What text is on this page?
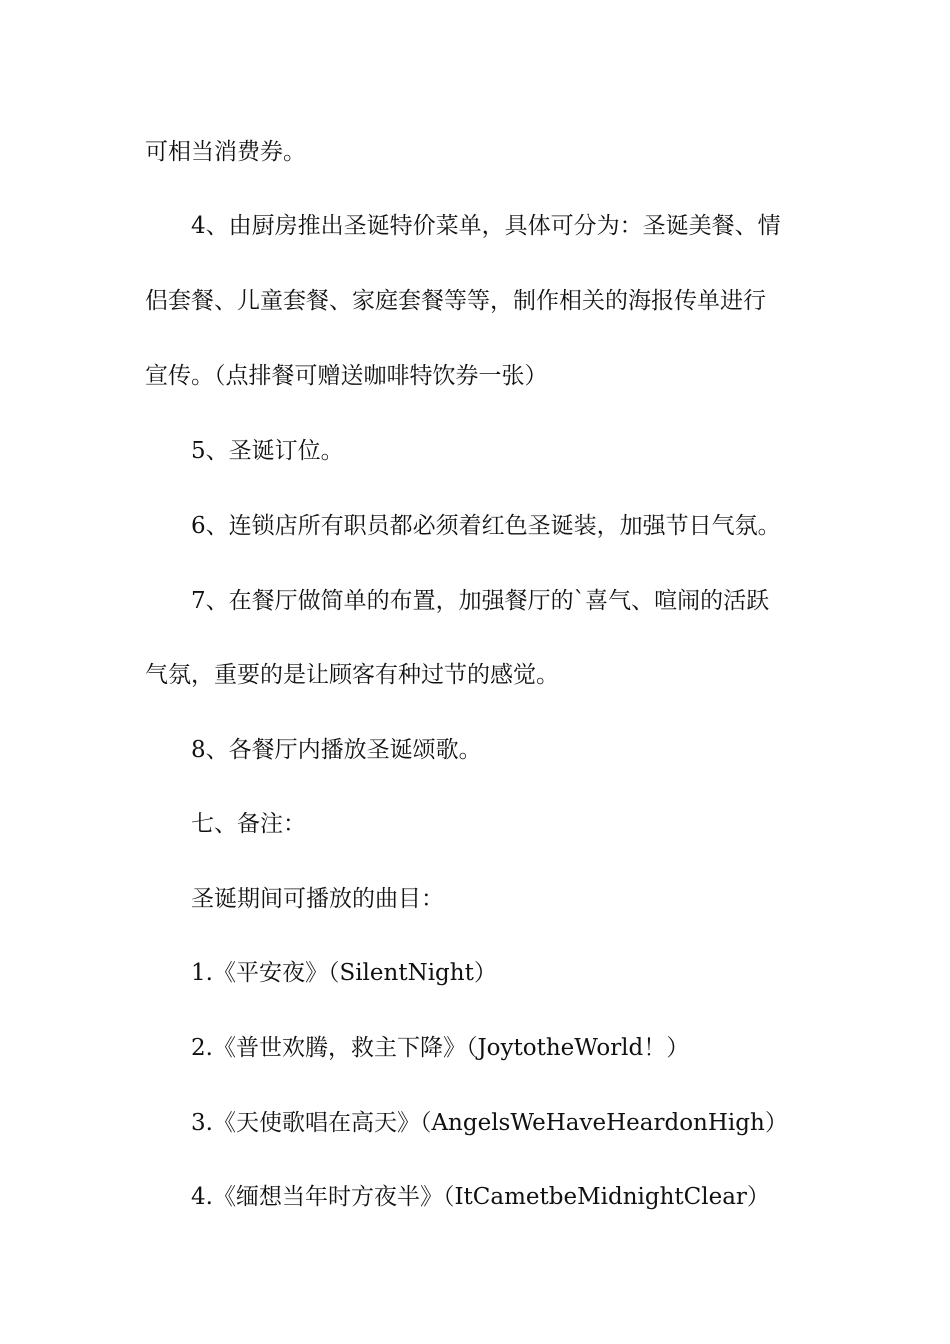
可相当消费券。
4、由厨房推出圣诞特价菜单，具体可分为：圣诞美餐、情
侣套餐、儿童套餐、家庭套餐等等，制作相关的海报传单进行
宣传。（点排餐可赠送咖啡特饮券一张）
5、圣诞订位。
6、连锁店所有职员都必须着红色圣诞装，加强节日气氛。
7、在餐厅做简单的布置，加强餐厅的`喜气、喧闹的活跃
气氛，重要的是让顾客有种过节的感觉。
8、各餐厅内播放圣诞颂歌。
七、备注：
圣诞期间可播放的曲目：
1.《平安夜》（SilentNight）
2.《普世欢腾，救主下降》（JoytotheWorld！）
3.《天使歌唱在高天》（AngelsWeHaveHeardonHigh）
4.《缅想当年时方夜半》（ItCametbeMidnightClear）
